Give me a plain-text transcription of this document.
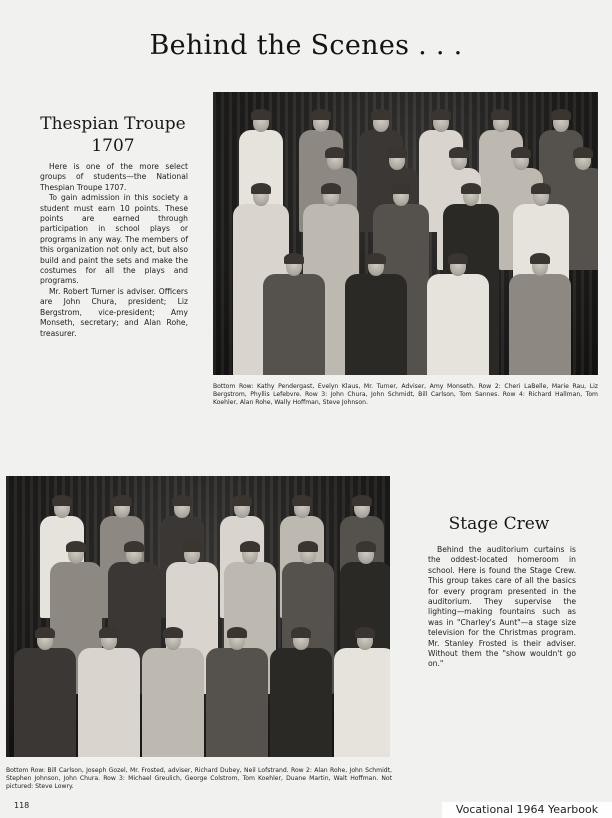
Behind the Scenes . . .
Thespian Troupe
1707

Here is one of the more select groups of students—the National Thespian Troupe 1707.

To gain admission in this society a student must earn 10 points. These points are earned through participation in school plays or programs in any way. The members of this organization not only act, but also build and paint the sets and make the costumes for all the plays and programs.

Mr. Robert Turner is adviser. Officers are John Chura, president; Liz Bergstrom, vice-president; Amy Monseth, secretary; and Alan Rohe, treasurer.

Bottom Row: Kathy Pendergast, Evelyn Klaus, Mr. Turner, Adviser, Amy Monseth. Row 2: Cheri LaBelle, Marie Rau, Liz Bergstrom, Phyllis Lefebvre. Row 3: John Chura, John Schmidt, Bill Carlson, Tom Sannes. Row 4: Richard Hallman, Tom Koehler, Alan Rohe, Wally Hoffman, Steve Johnson.
Stage Crew

Behind the auditorium curtains is the oddest-located homeroom in school. Here is found the Stage Crew. This group takes care of all the basics for every program presented in the auditorium. They supervise the lighting—making fountains such as was in "Charley's Aunt"—a stage size television for the Christmas program. Mr. Stanley Frosted is their adviser. Without them the "show wouldn't go on."

Bottom Row: Bill Carlson, Joseph Gozel, Mr. Frosted, adviser, Richard Dubey, Neil Lofstrand. Row 2: Alan Rohe, John Schmidt, Stephen Johnson, John Chura. Row 3: Michael Greulich, George Colstrom, Tom Koehler, Duane Martin, Walt Hoffman. Not pictured: Steve Lowry.
118	Vocational 1964 Yearbook
